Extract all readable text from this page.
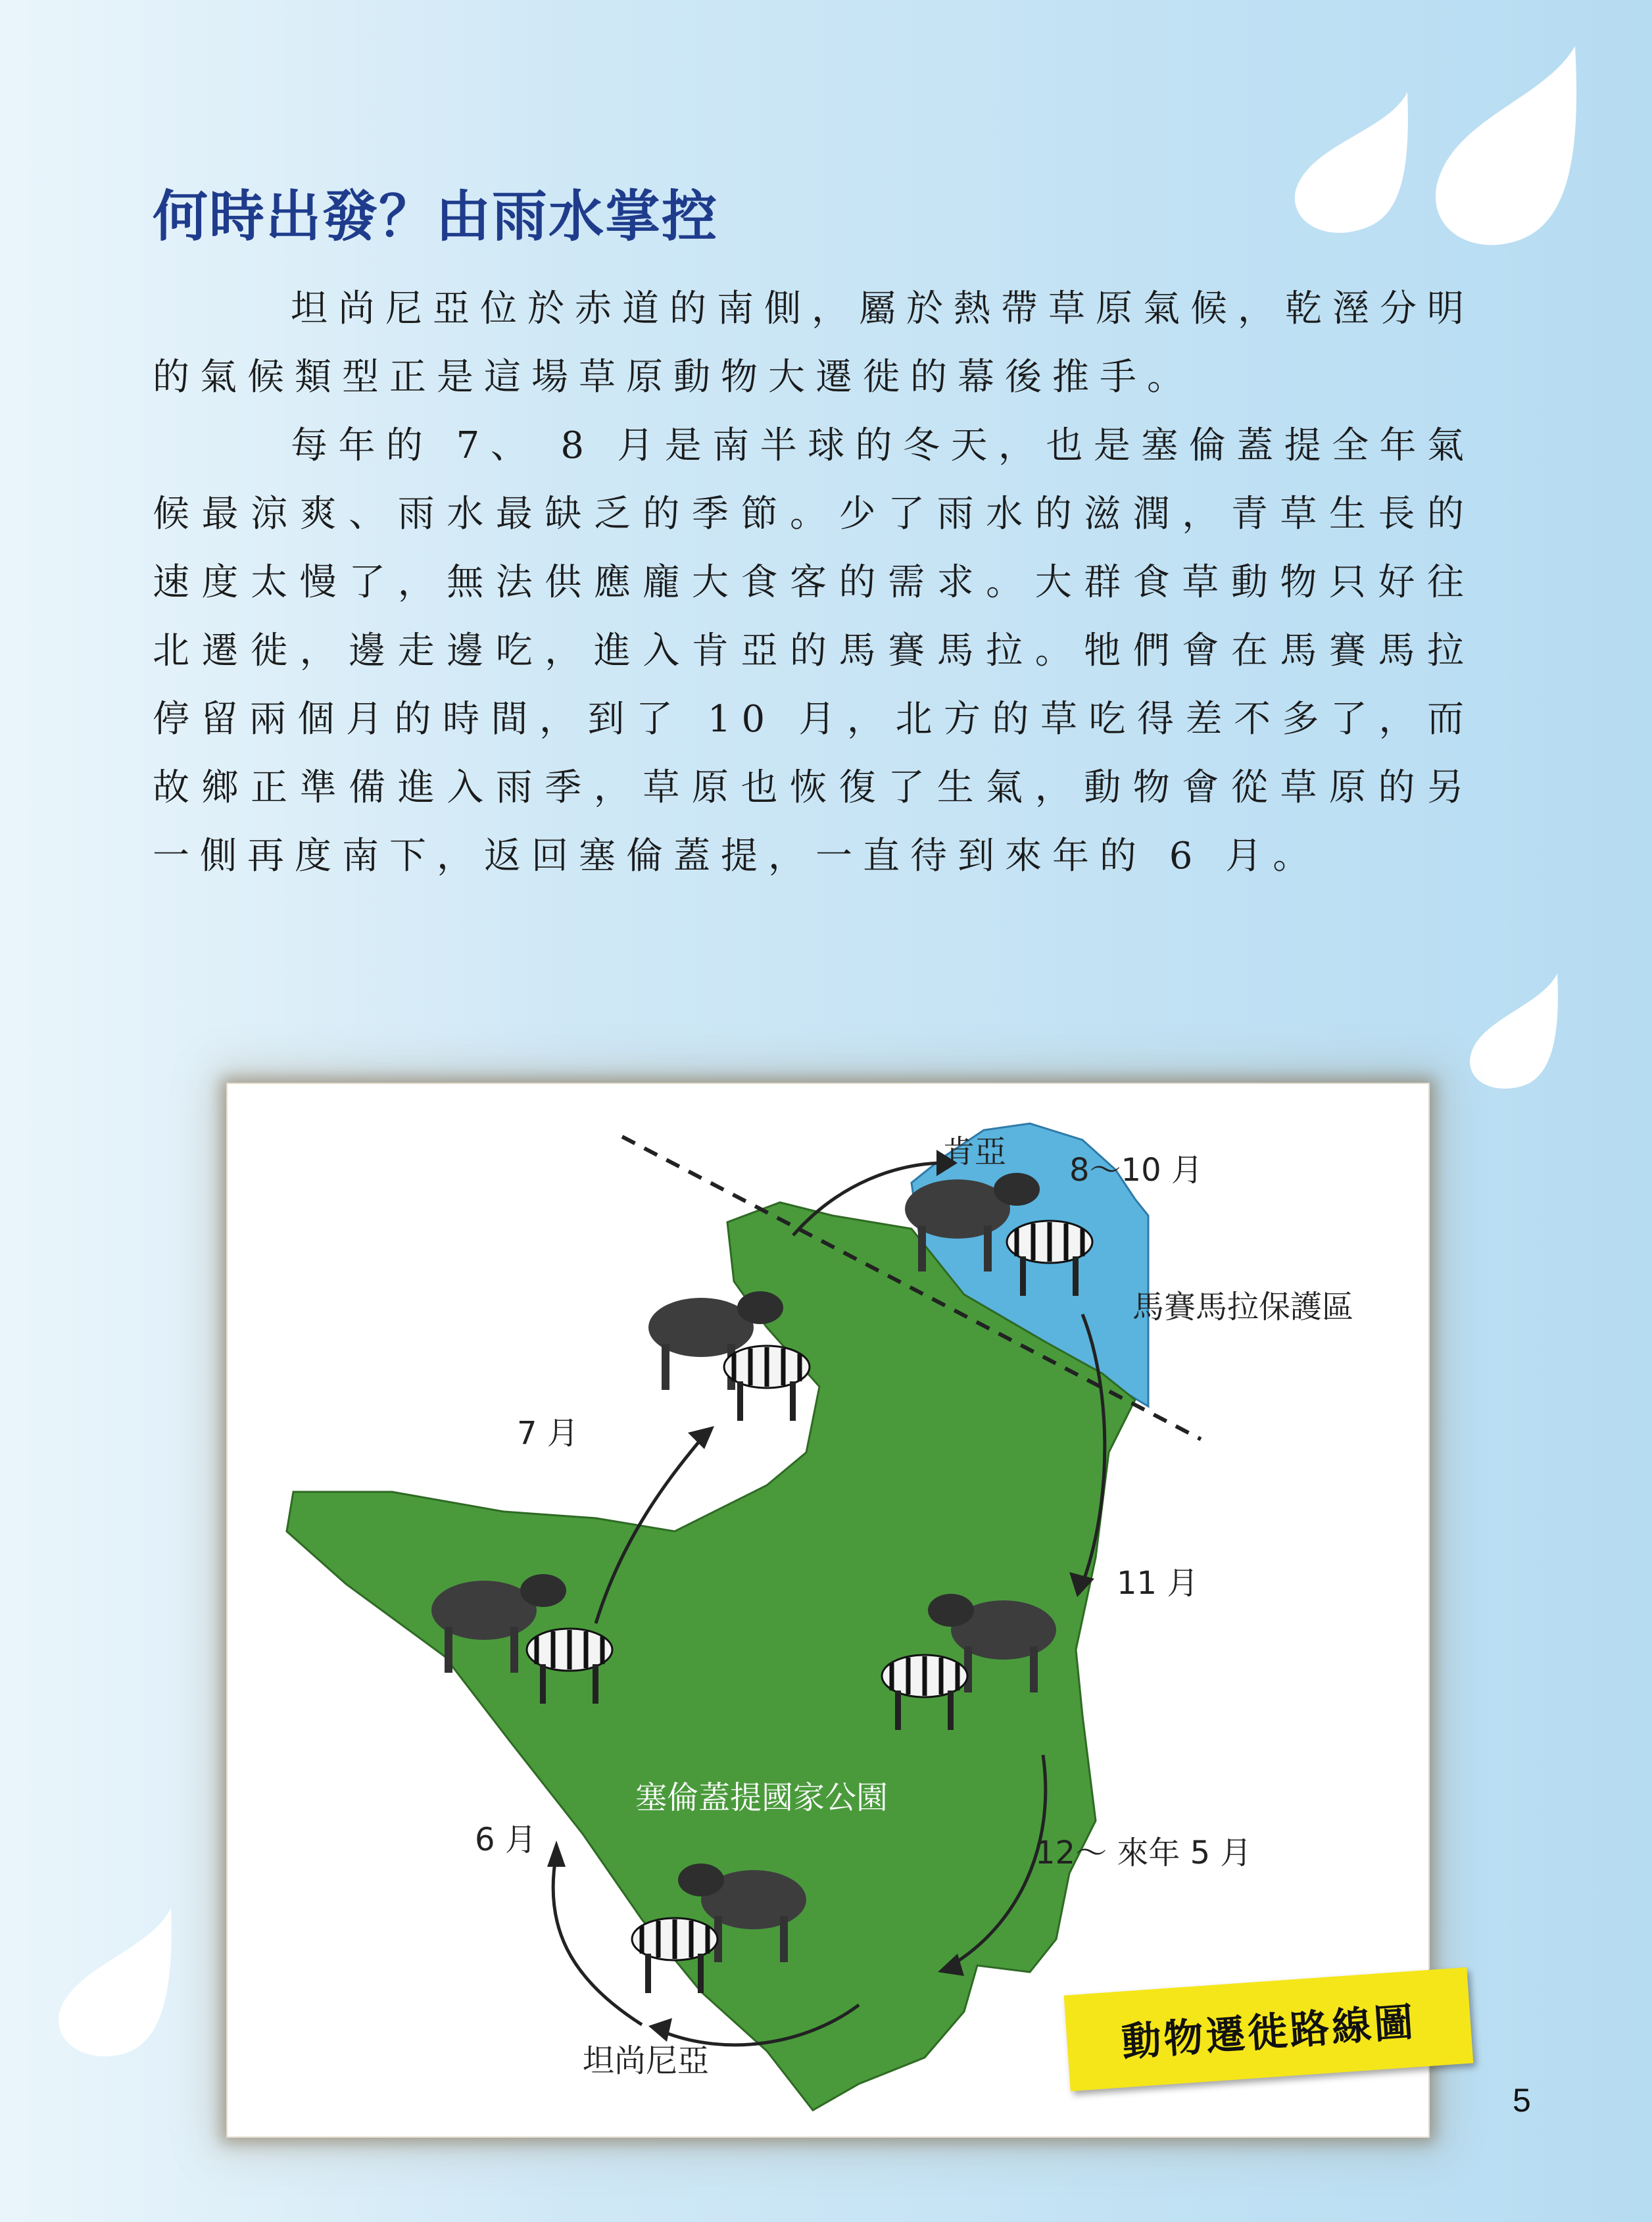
何時出發？由雨水掌控

坦尚尼亞位於赤道的南側，屬於熱帶草原氣候，乾溼分明的氣候類型正是這場草原動物大遷徙的幕後推手。

每年的 7、 8 月是南半球的冬天，也是塞倫蓋提全年氣候最涼爽、雨水最缺乏的季節。少了雨水的滋潤，青草生長的速度太慢了，無法供應龐大食客的需求。大群食草動物只好往北遷徙，邊走邊吃，進入肯亞的馬賽馬拉。牠們會在馬賽馬拉停留兩個月的時間，到了 10 月，北方的草吃得差不多了，而故鄉正準備進入雨季，草原也恢復了生氣，動物會從草原的另一側再度南下，返回塞倫蓋提，一直待到來年的 6 月。

肯亞 8～10 月
馬賽馬拉保護區
7 月
11 月
塞倫蓋提國家公園
6 月	12～ 來年 5 月
坦尚尼亞	動物遷徙路線圖
5
